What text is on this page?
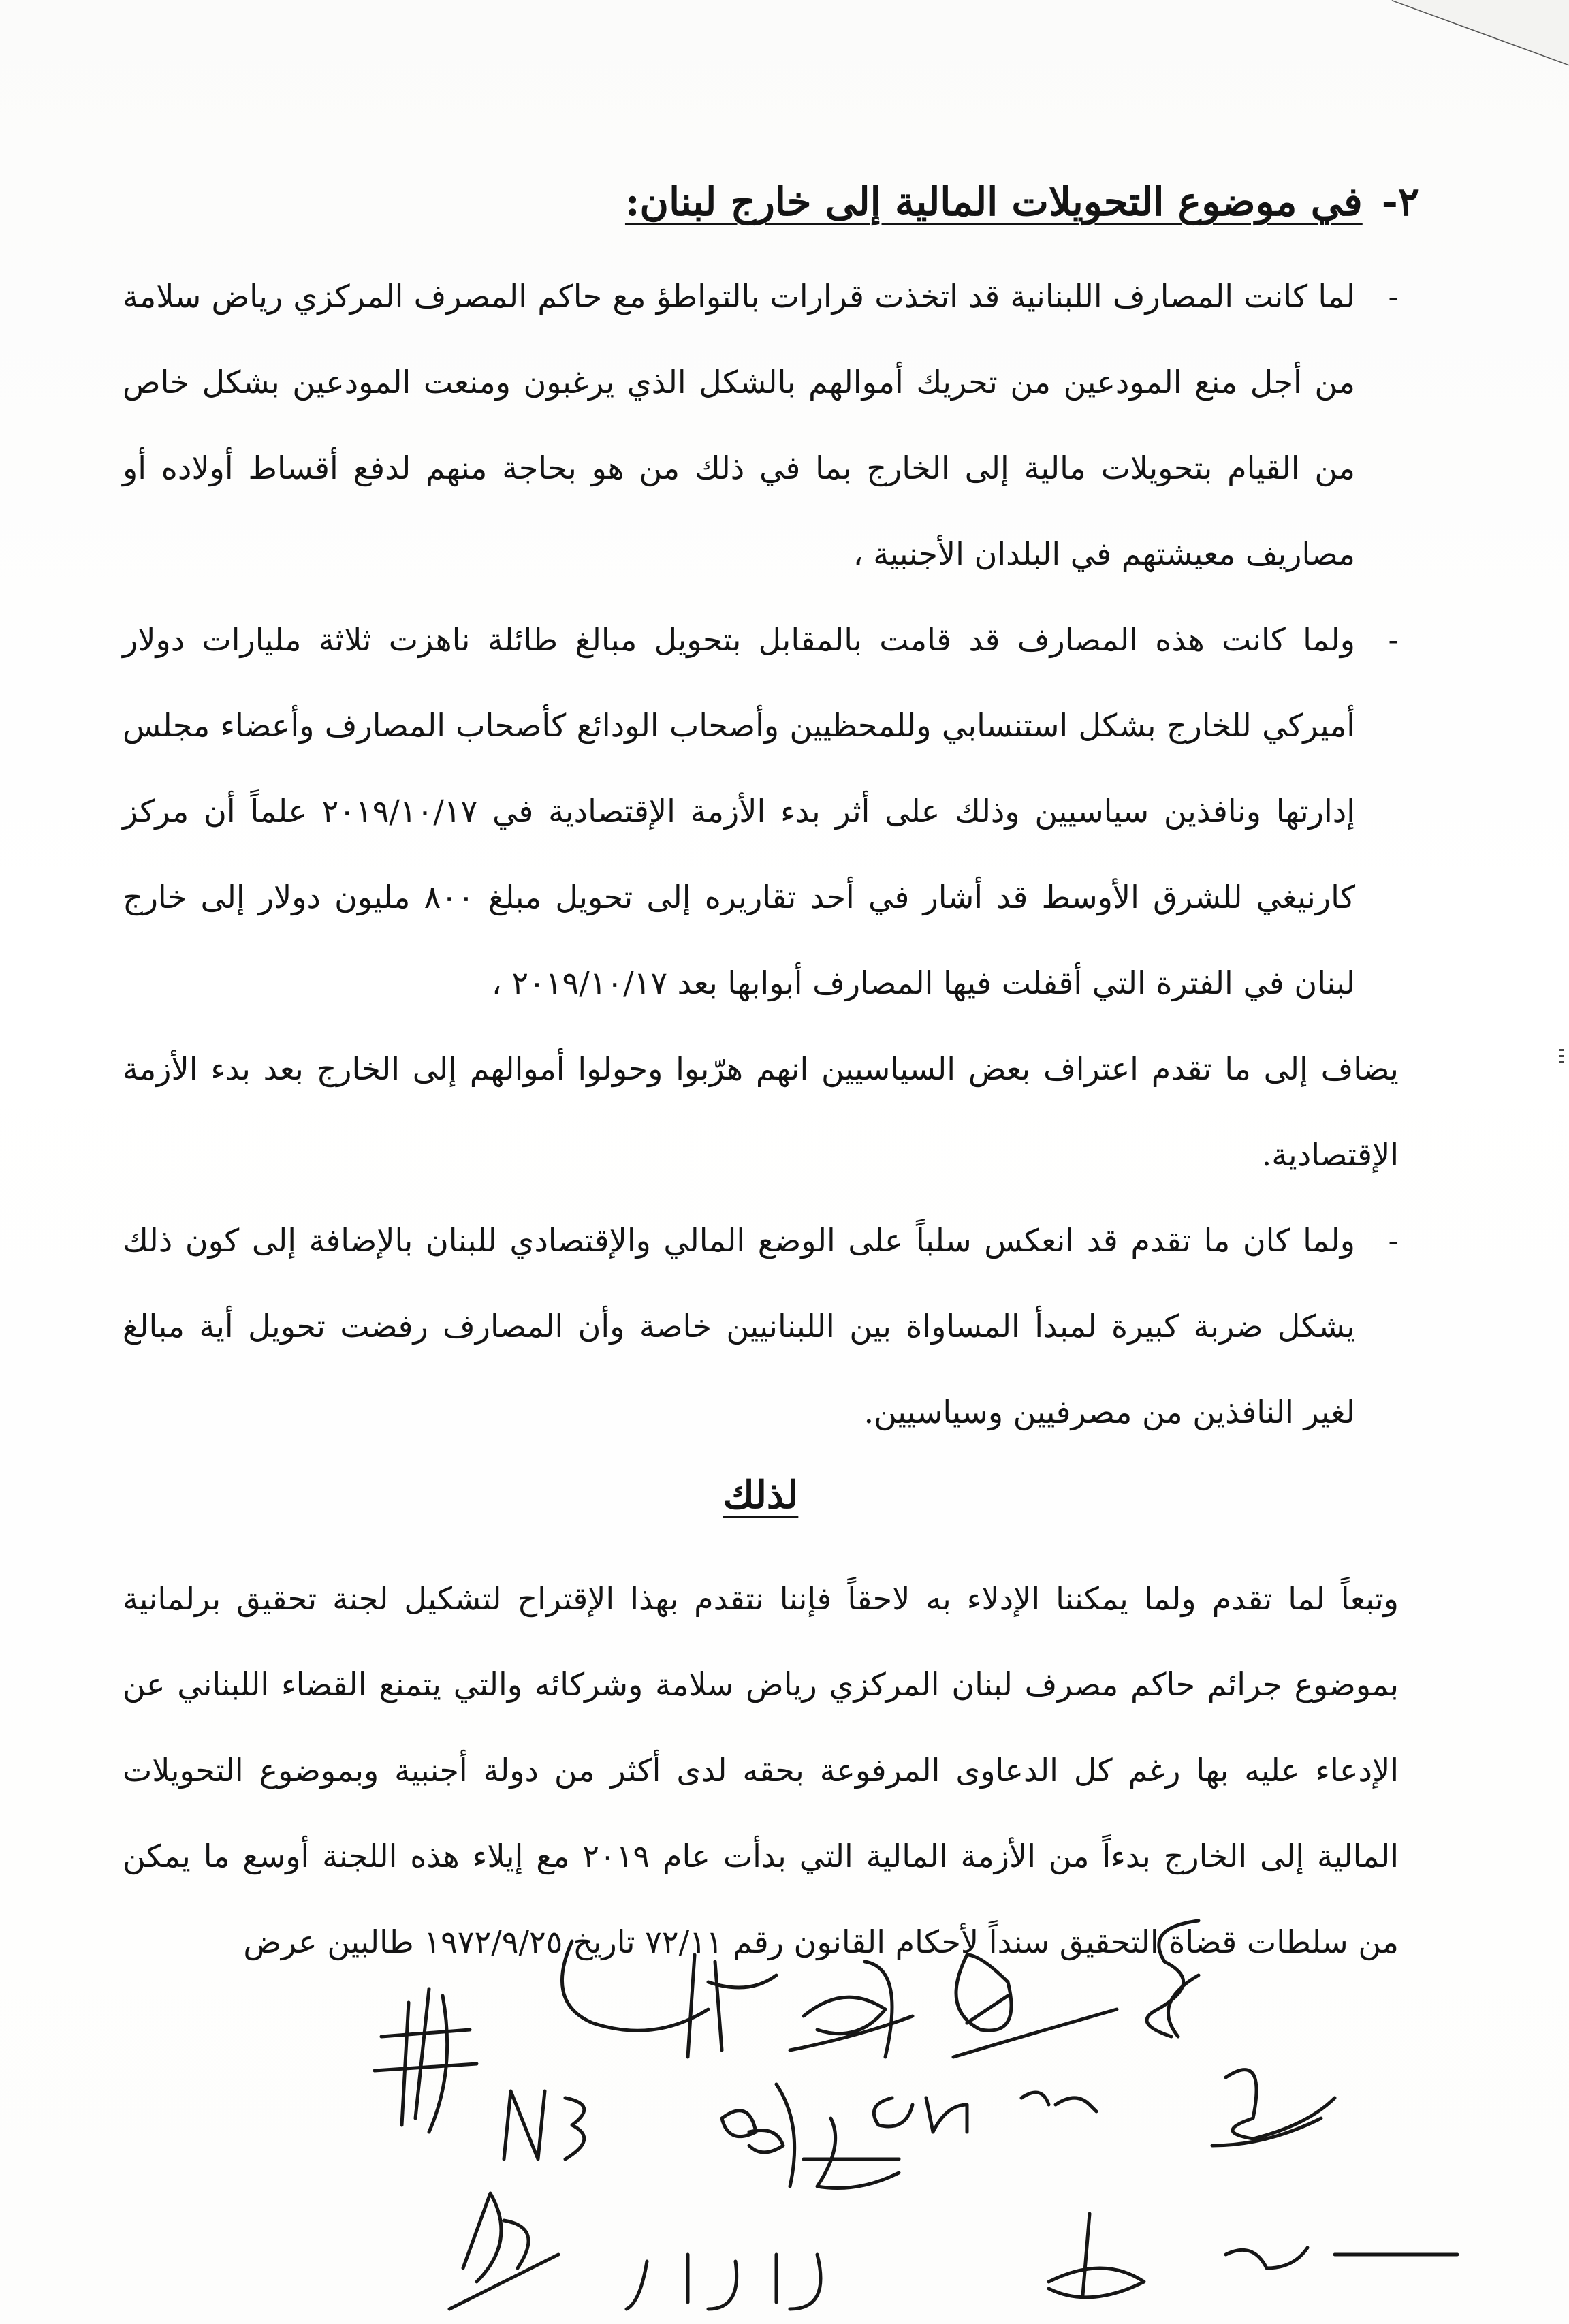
٢-
في موضوع التحويلات المالية إلى خارج لبنان:

-
لما كانت المصارف اللبنانية قد اتخذت قرارات بالتواطؤ مع حاكم المصرف المركزي رياض سلامة من أجل منع المودعين من تحريك أموالهم بالشكل الذي يرغبون ومنعت المودعين بشكل خاص من القيام بتحويلات مالية إلى الخارج بما في ذلك من هو بحاجة منهم لدفع أقساط أولاده أو مصاريف معيشتهم في البلدان الأجنبية ،

-
ولما كانت هذه المصارف قد قامت بالمقابل بتحويل مبالغ طائلة ناهزت ثلاثة مليارات دولار أميركي للخارج بشكل استنسابي وللمحظيين وأصحاب الودائع كأصحاب المصارف وأعضاء مجلس إدارتها ونافذين سياسيين وذلك على أثر بدء الأزمة الإقتصادية في ٢٠١٩/١٠/١٧ علماً أن مركز كارنيغي للشرق الأوسط قد أشار في أحد تقاريره إلى تحويل مبلغ ٨٠٠ مليون دولار إلى خارج لبنان في الفترة التي أقفلت فيها المصارف أبوابها بعد ٢٠١٩/١٠/١٧ ،

يضاف إلى ما تقدم اعتراف بعض السياسيين انهم هرّبوا وحولوا أموالهم إلى الخارج بعد بدء الأزمة الإقتصادية.

-
ولما كان ما تقدم قد انعكس سلباً على الوضع المالي والإقتصادي للبنان بالإضافة إلى كون ذلك يشكل ضربة كبيرة لمبدأ المساواة بين اللبنانيين خاصة وأن المصارف رفضت تحويل أية مبالغ لغير النافذين من مصرفيين وسياسيين.

لذلك

وتبعاً لما تقدم ولما يمكننا الإدلاء به لاحقاً فإننا نتقدم بهذا الإقتراح لتشكيل لجنة تحقيق برلمانية بموضوع جرائم حاكم مصرف لبنان المركزي رياض سلامة وشركائه والتي يتمنع القضاء اللبناني عن الإدعاء عليه بها رغم كل الدعاوى المرفوعة بحقه لدى أكثر من دولة أجنبية وبموضوع التحويلات المالية إلى الخارج بدءاً من الأزمة المالية التي بدأت عام ٢٠١٩ مع إيلاء هذه اللجنة أوسع ما يمكن من سلطات قضاة التحقيق سنداً لأحكام القانون رقم ٧٢/١١ تاريخ ١٩٧٢/٩/٢٥ طالبين عرض
